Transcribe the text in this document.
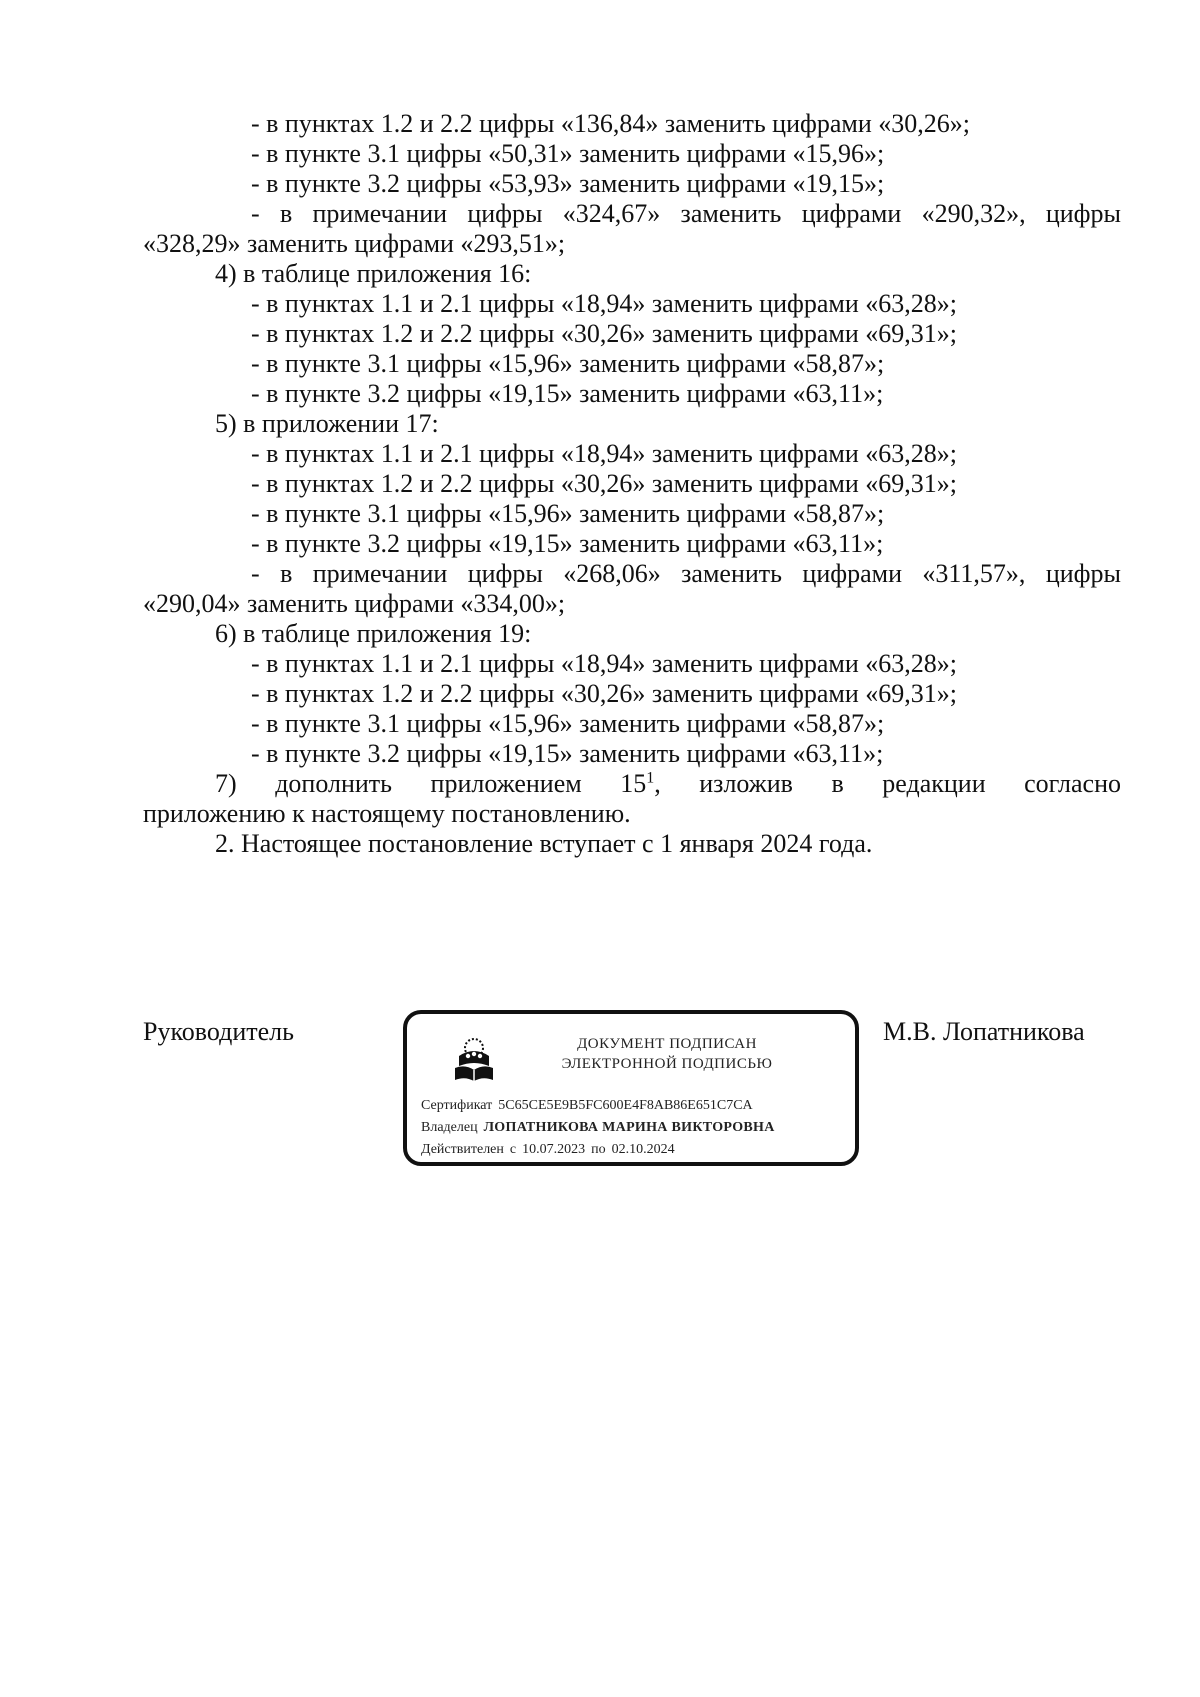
- в пунктах 1.2 и 2.2 цифры «136,84» заменить цифрами «30,26»;
- в пункте 3.1 цифры «50,31» заменить цифрами «15,96»;
- в пункте 3.2 цифры «53,93» заменить цифрами «19,15»;
- в примечании цифры «324,67» заменить цифрами «290,32», цифры
«328,29» заменить цифрами «293,51»;
4) в таблице приложения 16:
- в пунктах 1.1 и 2.1 цифры «18,94» заменить цифрами «63,28»;
- в пунктах 1.2 и 2.2 цифры «30,26» заменить цифрами «69,31»;
- в пункте 3.1 цифры «15,96» заменить цифрами «58,87»;
- в пункте 3.2 цифры «19,15» заменить цифрами «63,11»;
5) в приложении 17:
- в пунктах 1.1 и 2.1 цифры «18,94» заменить цифрами «63,28»;
- в пунктах 1.2 и 2.2 цифры «30,26» заменить цифрами «69,31»;
- в пункте 3.1 цифры «15,96» заменить цифрами «58,87»;
- в пункте 3.2 цифры «19,15» заменить цифрами «63,11»;
- в примечании цифры «268,06» заменить цифрами «311,57», цифры
«290,04» заменить цифрами «334,00»;
6) в таблице приложения 19:
- в пунктах 1.1 и 2.1 цифры «18,94» заменить цифрами «63,28»;
- в пунктах 1.2 и 2.2 цифры «30,26» заменить цифрами «69,31»;
- в пункте 3.1 цифры «15,96» заменить цифрами «58,87»;
- в пункте 3.2 цифры «19,15» заменить цифрами «63,11»;
7) дополнить приложением $15^1$, изложив в редакции согласно
приложению к настоящему постановлению.
2. Настоящее постановление вступает с 1 января 2024 года.
Руководитель	М.В. Лопатникова
ДОКУМЕНТ ПОДПИСАН
ЭЛЕКТРОННОЙ ПОДПИСЬЮ
Сертификат 5C65CE5E9B5FC600E4F8AB86E651C7CA
Владелец ЛОПАТНИКОВА МАРИНА ВИКТОРОВНА
Действителен с 10.07.2023 по 02.10.2024
